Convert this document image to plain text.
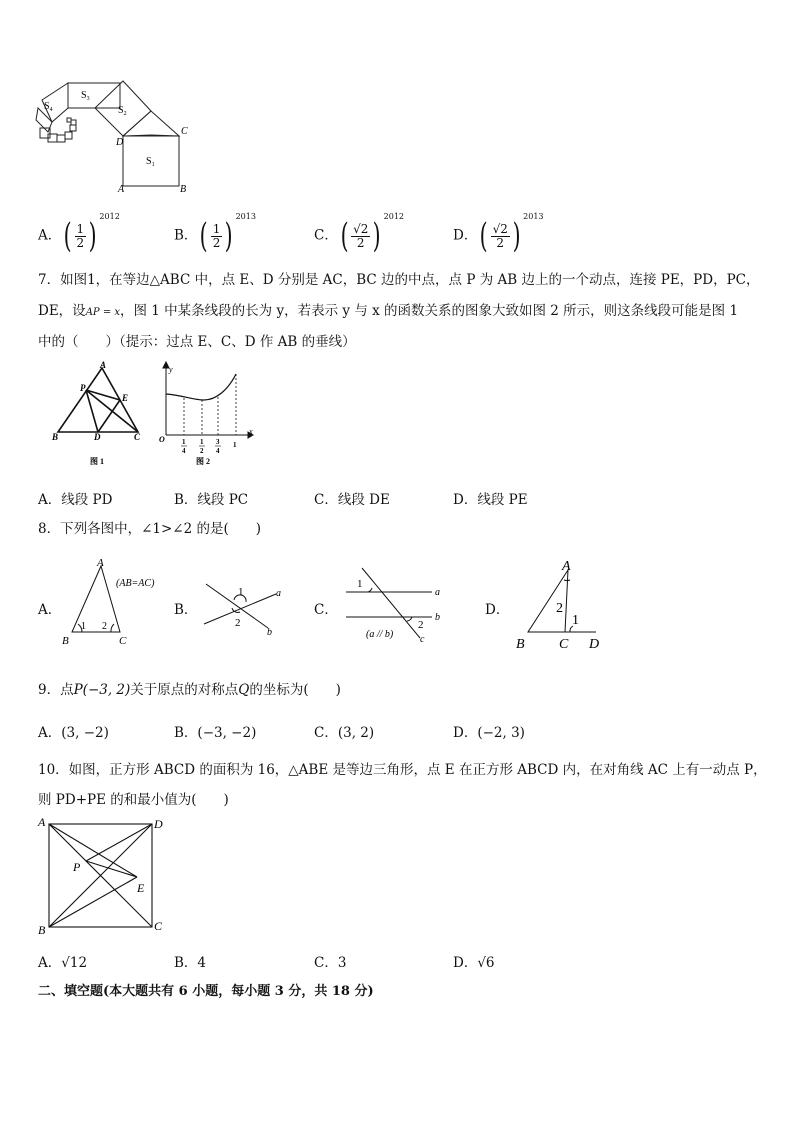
$S_1$
$S_2$
$S_3$
$S_4$
D
C
A	B
A．( $\frac{1}{2}$ ) $^{2012}$
B．( $\frac{1}{2}$ ) $^{2013}$
C．( $\frac{√2}{2}$ ) $^{2012}$
D．( $\frac{√2}{2}$ ) $^{2013}$
7．如图1，在等边△ABC 中，点 E、D 分别是 AC，BC 边的中点，点 P 为 AB 边上的一个动点，连接 PE，PD，PC，
DE，设AP = x，图 1 中某条线段的长为 y，若表示 y 与 x 的函数关系的图象大致如图 2 所示，则这条线段可能是图 1
中的（　　）（提示：过点 E、C、D 作 AB 的垂线）
A
P
E
B	D	C
图 1
y
x
O 1
4
1
2
3
4
1
图 2
A．线段 PD	B．线段 PC	C．线段 DE	D．线段 PE
8．下列各图中，∠1>∠2 的是(　　)
A．
A
B	C
1 2
(AB=AC)
B．
1
2
a
b
C．
1
2
a
b
c
(a // b)
D．
A
B C D
2
1
9．点P(−3, 2)关于原点的对称点Q的坐标为(　　)
A．(3, −2)	B．(−3, −2)	C．(3, 2)	D．(−2, 3)
10．如图，正方形 ABCD 的面积为 16，△ABE 是等边三角形，点 E 在正方形 ABCD 内，在对角线 AC 上有一动点 P，
则 PD+PE 的和最小值为(　　)
A	D
B	C
P
E
A．√12	B．4	C．3	D．√6
二、填空题(本大题共有 6 小题，每小题 3 分，共 18 分)
